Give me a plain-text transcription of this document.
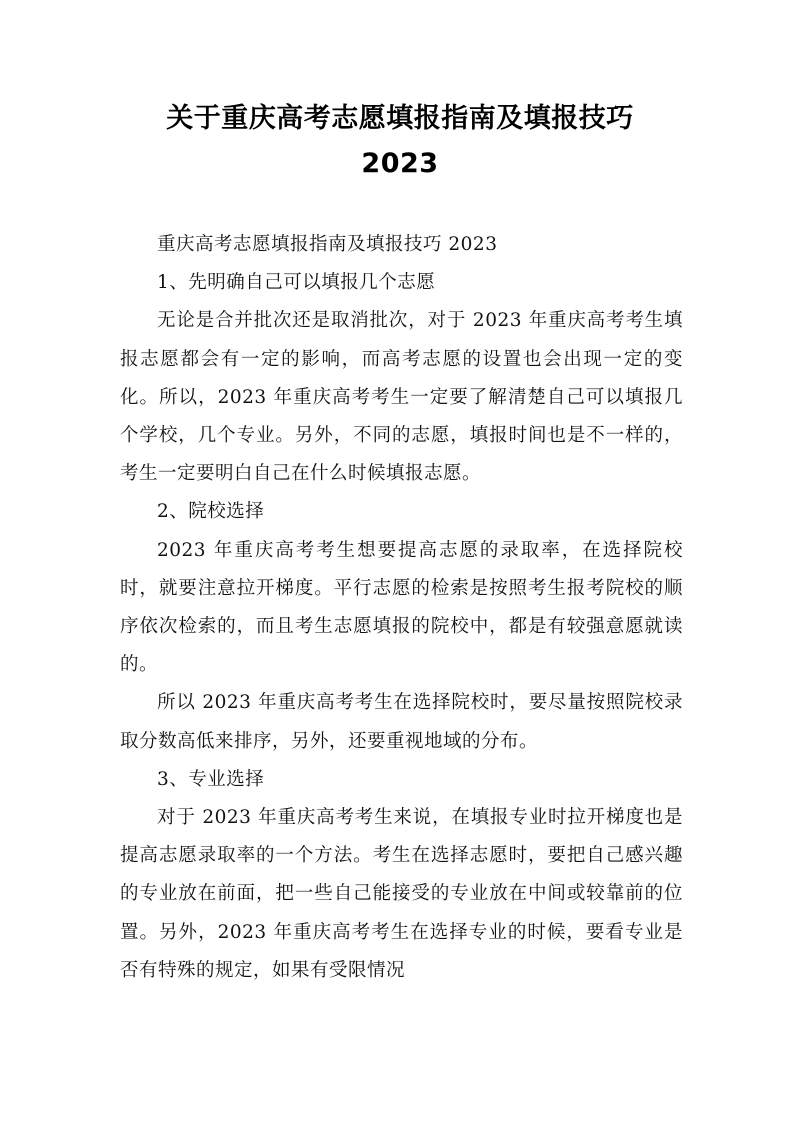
关于重庆高考志愿填报指南及填报技巧
2023

重庆高考志愿填报指南及填报技巧 2023

1、先明确自己可以填报几个志愿

无论是合并批次还是取消批次，对于 2023 年重庆高考考生填报志愿都会有一定的影响，而高考志愿的设置也会出现一定的变化。所以，2023 年重庆高考考生一定要了解清楚自己可以填报几个学校，几个专业。另外，不同的志愿，填报时间也是不一样的，考生一定要明白自己在什么时候填报志愿。

2、院校选择

2023 年重庆高考考生想要提高志愿的录取率，在选择院校时，就要注意拉开梯度。平行志愿的检索是按照考生报考院校的顺序依次检索的，而且考生志愿填报的院校中，都是有较强意愿就读的。

所以 2023 年重庆高考考生在选择院校时，要尽量按照院校录取分数高低来排序，另外，还要重视地域的分布。

3、专业选择

对于 2023 年重庆高考考生来说，在填报专业时拉开梯度也是提高志愿录取率的一个方法。考生在选择志愿时，要把自己感兴趣的专业放在前面，把一些自己能接受的专业放在中间或较靠前的位置。另外，2023 年重庆高考考生在选择专业的时候，要看专业是否有特殊的规定，如果有受限情况
